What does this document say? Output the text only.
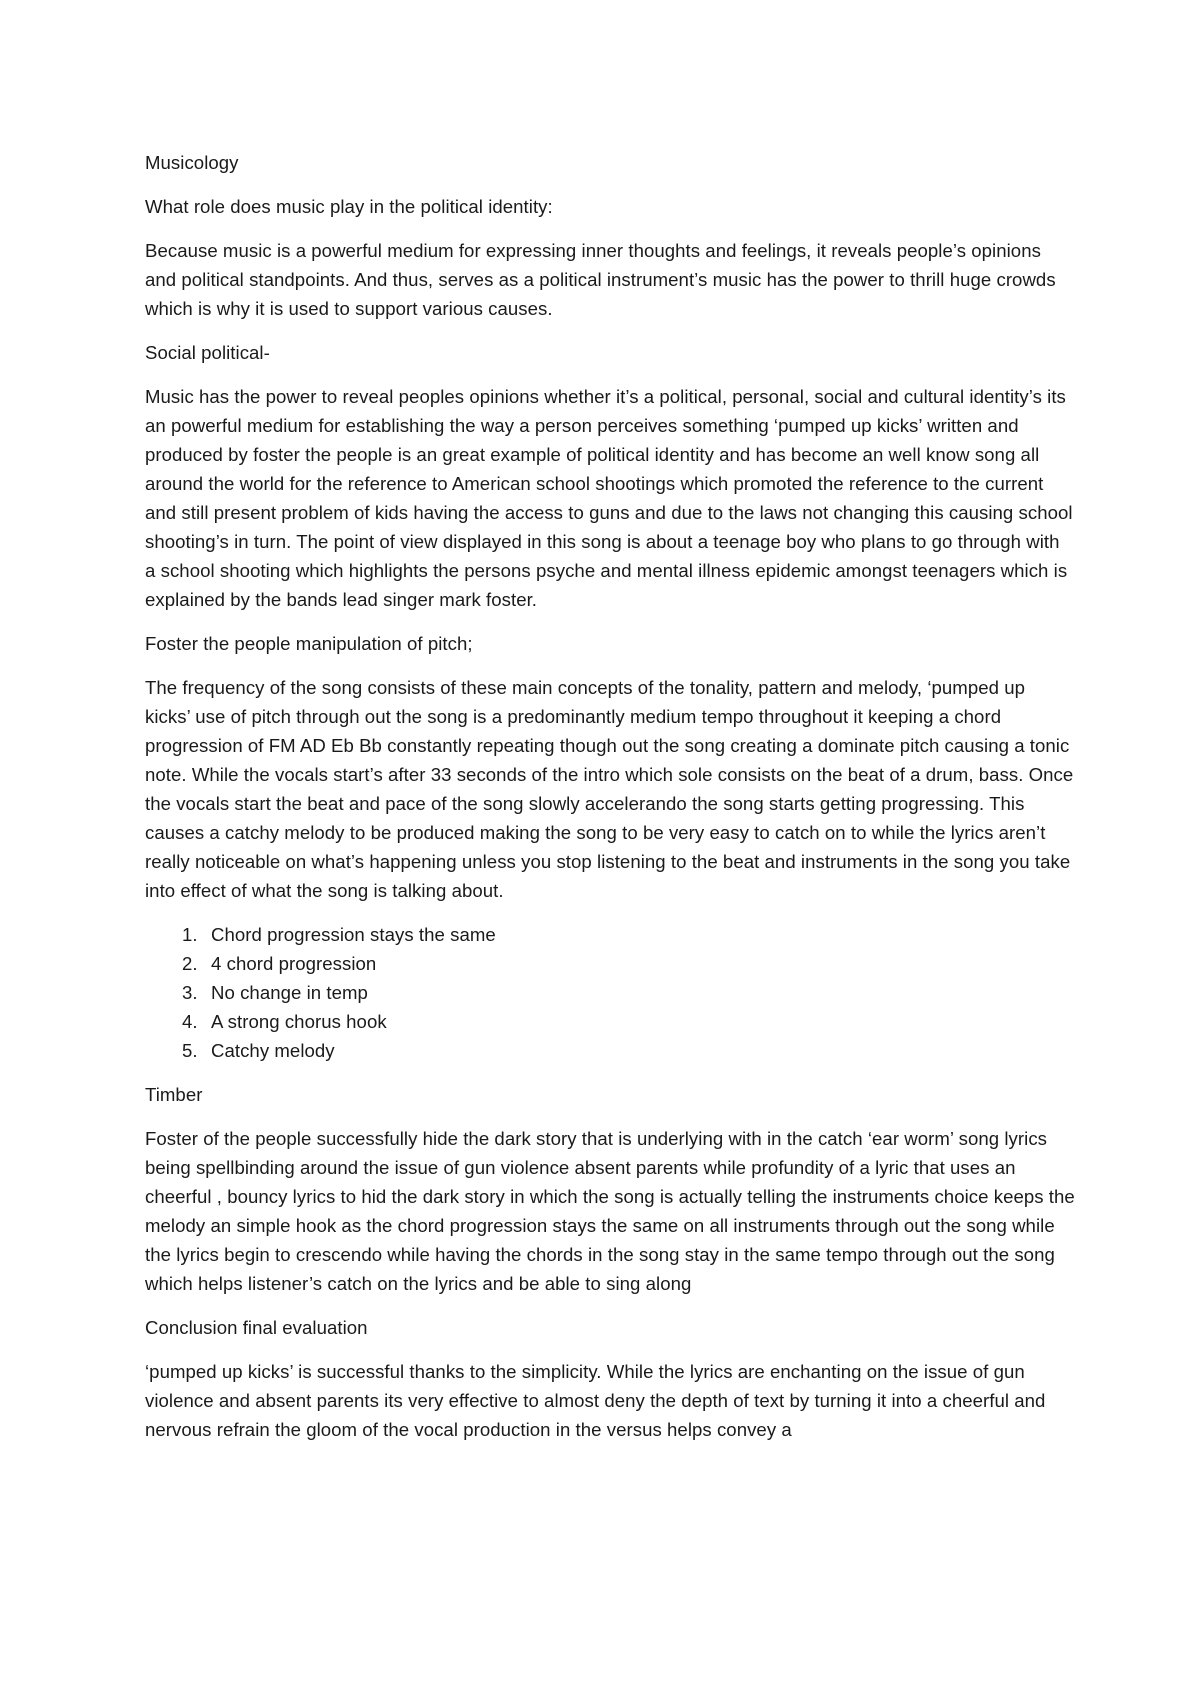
Musicology

What role does music play in the political identity:

Because music is a powerful medium for expressing inner thoughts and feelings, it reveals people’s opinions and political standpoints. And thus, serves as a political instrument’s music has the power to thrill huge crowds which is why it is used to support various causes.

Social political-

Music has the power to reveal peoples opinions whether it’s a political, personal, social and cultural identity’s its an powerful medium for establishing the way a person perceives something ‘pumped up kicks’ written and produced by foster the people is an great example of political identity and has become an well know song all around the world for the reference to American school shootings which promoted the reference to the current and still present problem of kids having the access to guns and due to the laws not changing this causing school shooting’s in turn. The point of view displayed in this song is about a teenage boy who plans to go through with a school shooting which highlights the persons psyche and mental illness epidemic amongst teenagers which is explained by the bands lead singer mark foster.

Foster the people manipulation of pitch;

The frequency of the song consists of these main concepts of the tonality, pattern and melody, ‘pumped up kicks’ use of pitch through out the song is a predominantly medium tempo throughout it keeping a chord progression of FM AD Eb Bb constantly repeating though out the song creating a dominate pitch causing a tonic note. While the vocals start’s after 33 seconds of the intro which sole consists on the beat of a drum, bass. Once the vocals start the beat and pace of the song slowly accelerando the song starts getting progressing. This causes a catchy melody to be produced making the song to be very easy to catch on to while the lyrics aren’t really noticeable on what’s happening unless you stop listening to the beat and instruments in the song you take into effect of what the song is talking about.

1. Chord progression stays the same
2. 4 chord progression
3. No change in temp
4. A strong chorus hook
5. Catchy melody

Timber

Foster of the people successfully hide the dark story that is underlying with in the catch ‘ear worm’ song lyrics being spellbinding around the issue of gun violence absent parents while profundity of a lyric that uses an cheerful , bouncy lyrics to hid the dark story in which the song is actually telling the instruments choice keeps the melody an simple hook as the chord progression stays the same on all instruments through out the song while the lyrics begin to crescendo while having the chords in the song stay in the same tempo through out the song which helps listener’s catch on the lyrics and be able to sing along

Conclusion final evaluation

‘pumped up kicks’ is successful thanks to the simplicity. While the lyrics are enchanting on the issue of gun violence and absent parents its very effective to almost deny the depth of text by turning it into a cheerful and nervous refrain the gloom of the vocal production in the versus helps convey a
